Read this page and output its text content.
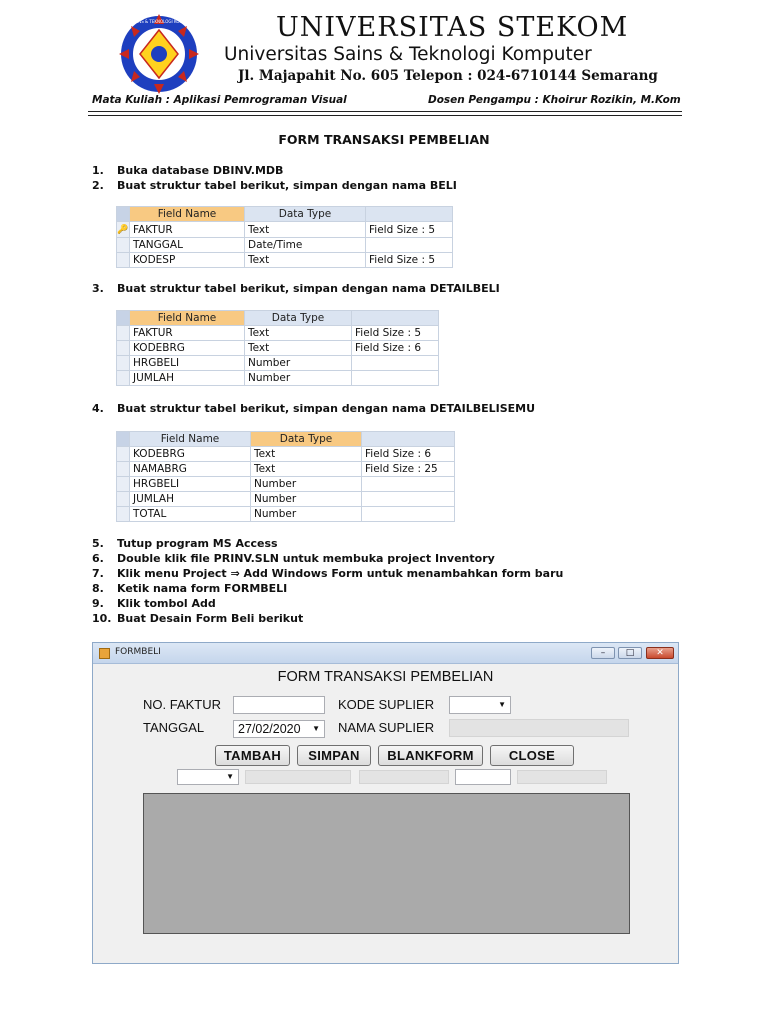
UNIVERSITAS SAINS & TEKNOLOGI KOMPUTER STEKOM UNIVERSITAS STEKOM
Universitas Sains & Teknologi Komputer
Jl. Majapahit No. 605 Telepon : 024-6710144 Semarang
Mata Kuliah : Aplikasi Pemrograman Visual	Dosen Pengampu : Khoirur Rozikin, M.Kom
FORM TRANSAKSI PEMBELIAN
1. Buka database DBINV.MDB
2. Buat struktur tabel berikut, simpan dengan nama BELI
	Field Name	Data Type	
🔑	FAKTUR	Text	Field Size : 5
	TANGGAL	Date/Time	
	KODESP	Text	Field Size : 5
3. Buat struktur tabel berikut, simpan dengan nama DETAILBELI
	Field Name	Data Type	
	FAKTUR	Text	Field Size : 5
	KODEBRG	Text	Field Size : 6
	HRGBELI	Number	
	JUMLAH	Number	
4. Buat struktur tabel berikut, simpan dengan nama DETAILBELISEMU
	Field Name	Data Type	
	KODEBRG	Text	Field Size : 6
	NAMABRG	Text	Field Size : 25
	HRGBELI	Number	
	JUMLAH	Number	
	TOTAL	Number	
5. Tutup program MS Access
6. Double klik file PRINV.SLN untuk membuka project Inventory
7. Klik menu Project ⇒ Add Windows Form untuk menambahkan form baru
8. Ketik nama form FORMBELI
9. Klik tombol Add
10. Buat Desain Form Beli berikut
FORMBELI	–	□	✕
FORM TRANSAKSI PEMBELIAN
NO. FAKTUR	KODE SUPLIER	▼
TANGGAL	27/02/2020 ▼ NAMA SUPLIER
TAMBAH	SIMPAN	BLANKFORM	CLOSE
▼
